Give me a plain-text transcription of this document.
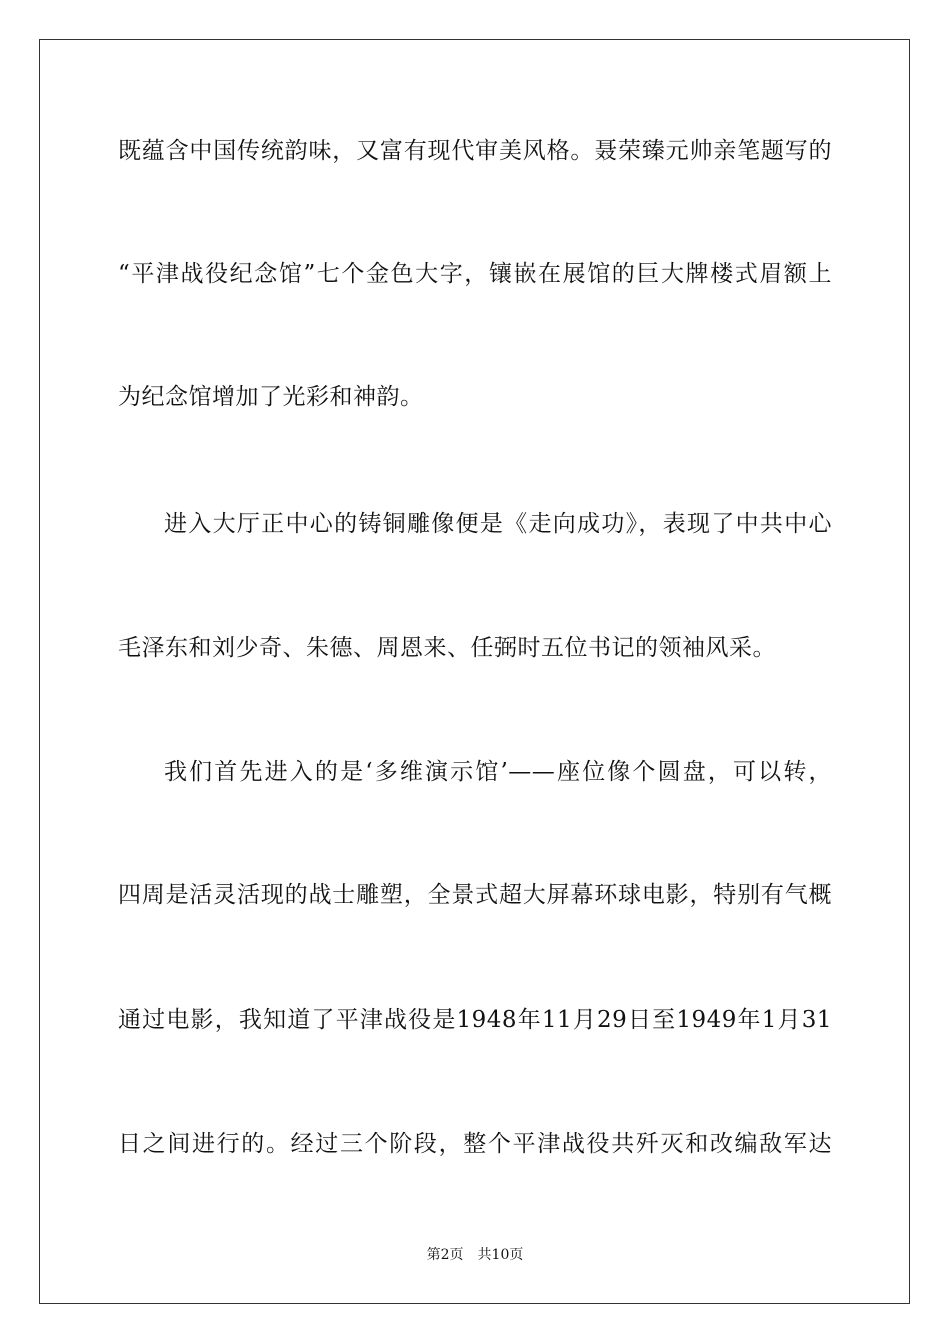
既蕴含中国传统韵味，又富有现代审美风格。聂荣臻元帅亲笔题写的
“平津战役纪念馆”七个金色大字，镶嵌在展馆的巨大牌楼式眉额上
为纪念馆增加了光彩和神韵。
进入大厅正中心的铸铜雕像便是《走向成功》，表现了中共中心
毛泽东和刘少奇、朱德、周恩来、任弼时五位书记的领袖风采。
我们首先进入的是‘多维演示馆’——座位像个圆盘，可以转，
四周是活灵活现的战士雕塑，全景式超大屏幕环球电影，特别有气概
通过电影，我知道了平津战役是1948年11月29日至1949年1月31
日之间进行的。经过三个阶段，整个平津战役共歼灭和改编敌军达
第2页 共10页
